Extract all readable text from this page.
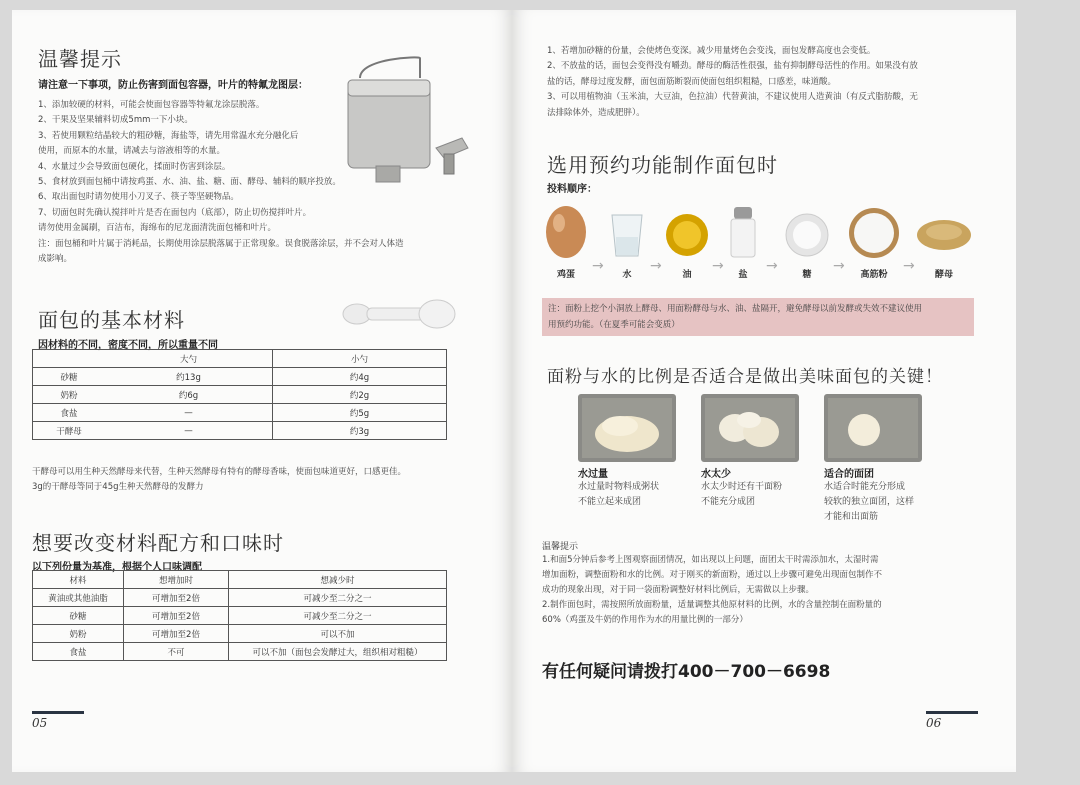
温馨提示
请注意一下事项，防止伤害到面包容器，叶片的特氟龙图层：
1、添加较硬的材料，可能会使面包容器等特氟龙涂层脱落。
2、干果及坚果辅料切成5mm一下小块。
3、若使用颗粒结晶较大的粗砂糖，海盐等，请先用常温水充分融化后
使用，而原本的水量，请减去与溶液相等的水量。
4、水量过少会导致面包硬化，揉面时伤害到涂层。
5、食材放到面包桶中请按鸡蛋、水、油、盐、糖、面、酵母、辅料的顺序投放。
6、取出面包时请勿使用小刀叉子、筷子等坚硬物品。
7、切面包时先确认搅拌叶片是否在面包内（底部），防止切伤搅拌叶片。
请勿使用金属刷，百洁布，海绵布的尼龙面清洗面包桶和叶片。
注：面包桶和叶片属于消耗品，长期使用涂层脱落属于正常现象。误食脱落涂层，并不会对人体造
成影响。
面包的基本材料
因材料的不同，密度不同，所以重量不同
	大勺	小勺
砂糖	约13g	约4g
奶粉	约6g	约2g
食盐	—	约5g
干酵母	—	约3g
干酵母可以用生种天然酵母来代替，生种天然酵母有特有的酵母香味，使面包味道更好，口感更佳。
3g的干酵母等同于45g生种天然酵母的发酵力
想要改变材料配方和口味时
以下列份量为基准，根据个人口味调配
材料	想增加时	想减少时
黄油或其他油脂	可增加至2倍	可减少至二分之一
砂糖	可增加至2倍	可减少至二分之一
奶粉	可增加至2倍	可以不加
食盐	不可	可以不加（面包会发酵过大，组织相对粗糙）
05
1、若增加砂糖的份量，会使烤色变深。减少用量烤色会变浅，面包发酵高度也会变低。
2、不放盐的话，面包会变得没有嚼劲。酵母的酶活性很强，盐有抑制酵母活性的作用。如果没有放
盐的话，酵母过度发酵，面包面筋断裂而使面包组织粗糙，口感差，味道酸。
3、可以用植物油（玉米油，大豆油，色拉油）代替黄油，不建议使用人造黄油（有反式脂肪酸，无
法排除体外，造成肥胖）。
选用预约功能制作面包时
投料顺序：
鸡蛋
→
水
→
油
→
盐
→
糖
→
高筋粉
→
酵母
注：面粉上挖个小洞放上酵母、用面粉酵母与水、油、盐隔开，避免酵母以前发酵或失效不建议使用
用预约功能。（在夏季可能会变质）
面粉与水的比例是否适合是做出美味面包的关键！
水过量
水过量时物料成粥状
不能立起来成团
水太少
水太少时还有干面粉
不能充分成团
适合的面团
水适合时能充分形成
较软的独立面团，这样
才能和出面筋
温馨提示
1.和面5分钟后参考上图观察面团情况，如出现以上问题，面团太干时需添加水，太湿时需
增加面粉，调整面粉和水的比例。对于刚买的新面粉，通过以上步骤可避免出现面包制作不
成功的现象出现，对于同一袋面粉调整好材料比例后，无需做以上步骤。
2.制作面包时，需按照所放面粉量，适量调整其他原材料的比例，水的含量控制在面粉量的
60%（鸡蛋及牛奶的作用作为水的用量比例的一部分）
有任何疑问请拨打400－700－6698
06
